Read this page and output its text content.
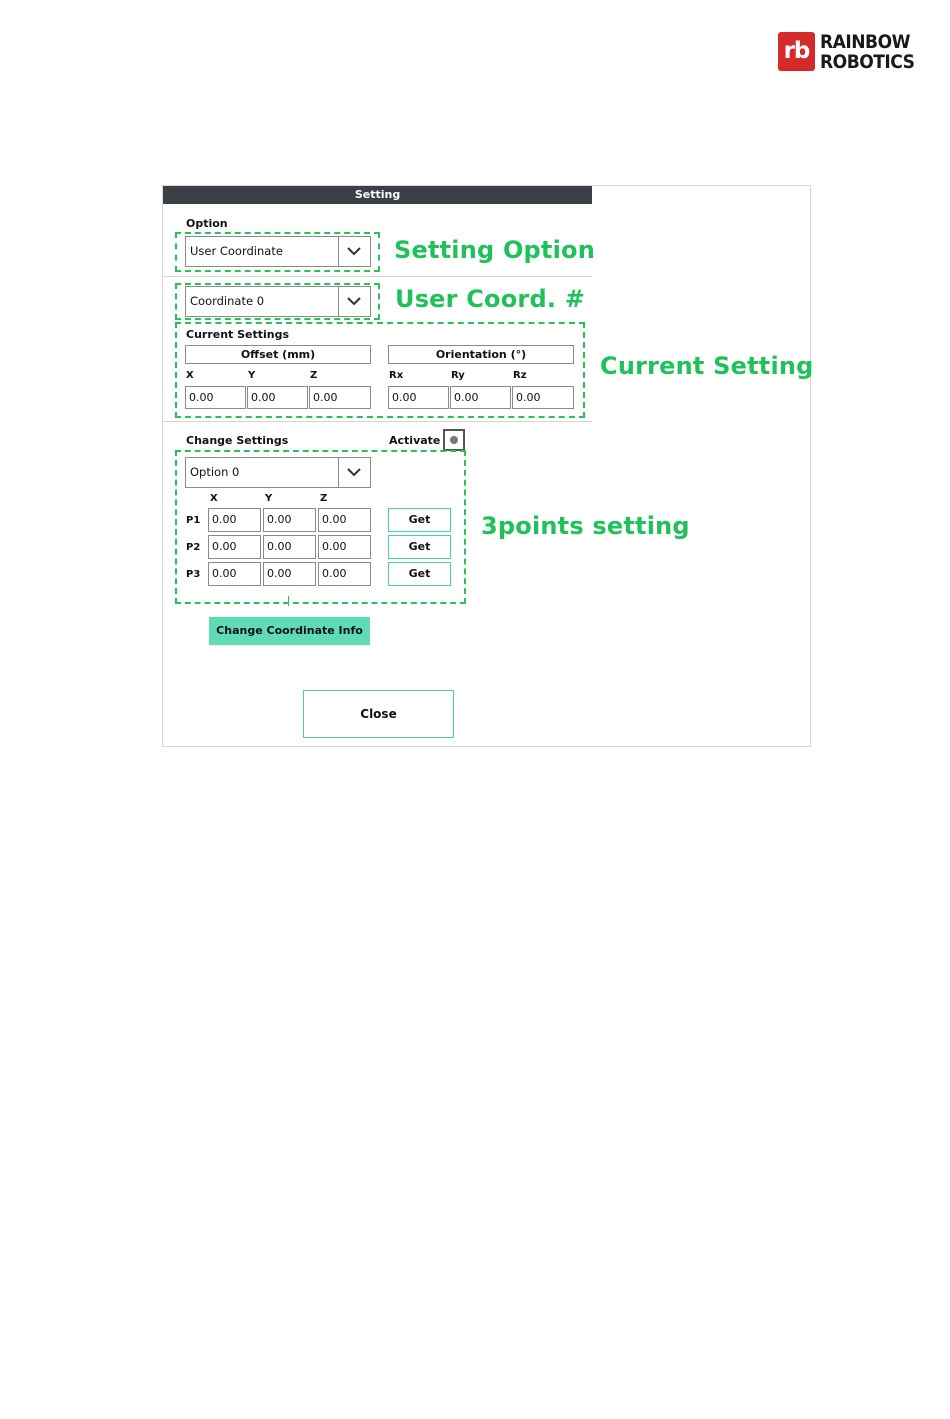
rb RAINBOW
ROBOTICS
Setting
Option
User Coordinate	Setting Option
Coordinate 0	User Coord. #
Current Settings
Offset (mm)	Orientation (°)
X	Y	Z	Rx	Ry	Rz
0.00	0.00	0.00	0.00	0.00	0.00
Current Setting
Change Settings	Activate
Option 0
X	Y	Z
P1	0.00	0.00	0.00	Get
P2	0.00	0.00	0.00	Get
P3	0.00	0.00	0.00	Get
3points setting
Change Coordinate Info
Close
